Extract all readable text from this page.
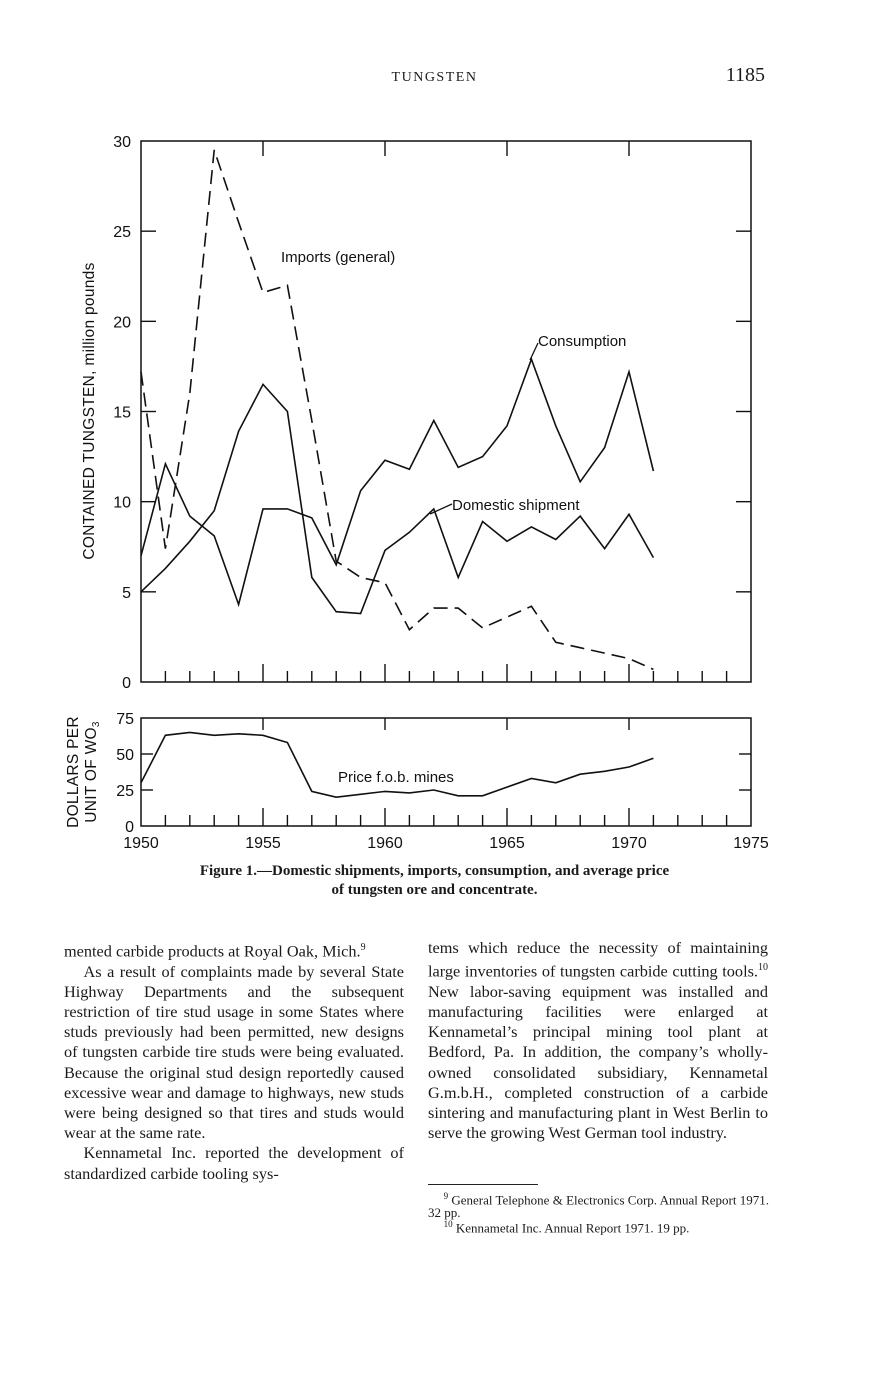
TUNGSTEN	1185
0
5
10
15
20
25
30
1950	1955	1960	1965	1970	1975
0
25
50
75
CONTAINED TUNGSTEN, million pounds
DOLLARS PER UNIT OF WO3
Imports (general)
Consumption
Domestic shipment
Price f.o.b. mines
Figure 1.—Domestic shipments, imports, consumption, and average price
of tungsten ore and concentrate.

mented carbide products at Royal Oak, Mich.$^9$

As a result of complaints made by several State Highway Departments and the subsequent restriction of tire stud usage in some States where studs previously had been permitted, new designs of tungsten carbide tire studs were being evaluated. Because the original stud design reportedly caused excessive wear and damage to highways, new studs were being designed so that tires and studs would wear at the same rate.

Kennametal Inc. reported the development of standardized carbide tooling sys-

tems which reduce the necessity of maintaining large inventories of tungsten carbide cutting tools.$^{10}$ New labor-saving equipment was installed and manufacturing facilities were enlarged at Kennametal’s principal mining tool plant at Bedford, Pa. In addition, the company’s wholly-owned consolidated subsidiary, Kennametal G.m.b.H., completed construction of a carbide sintering and manufacturing plant in West Berlin to serve the growing West German tool industry.

$^9$ General Telephone & Electronics Corp. Annual Report 1971. 32 pp.
$^{10}$ Kennametal Inc. Annual Report 1971. 19 pp.
